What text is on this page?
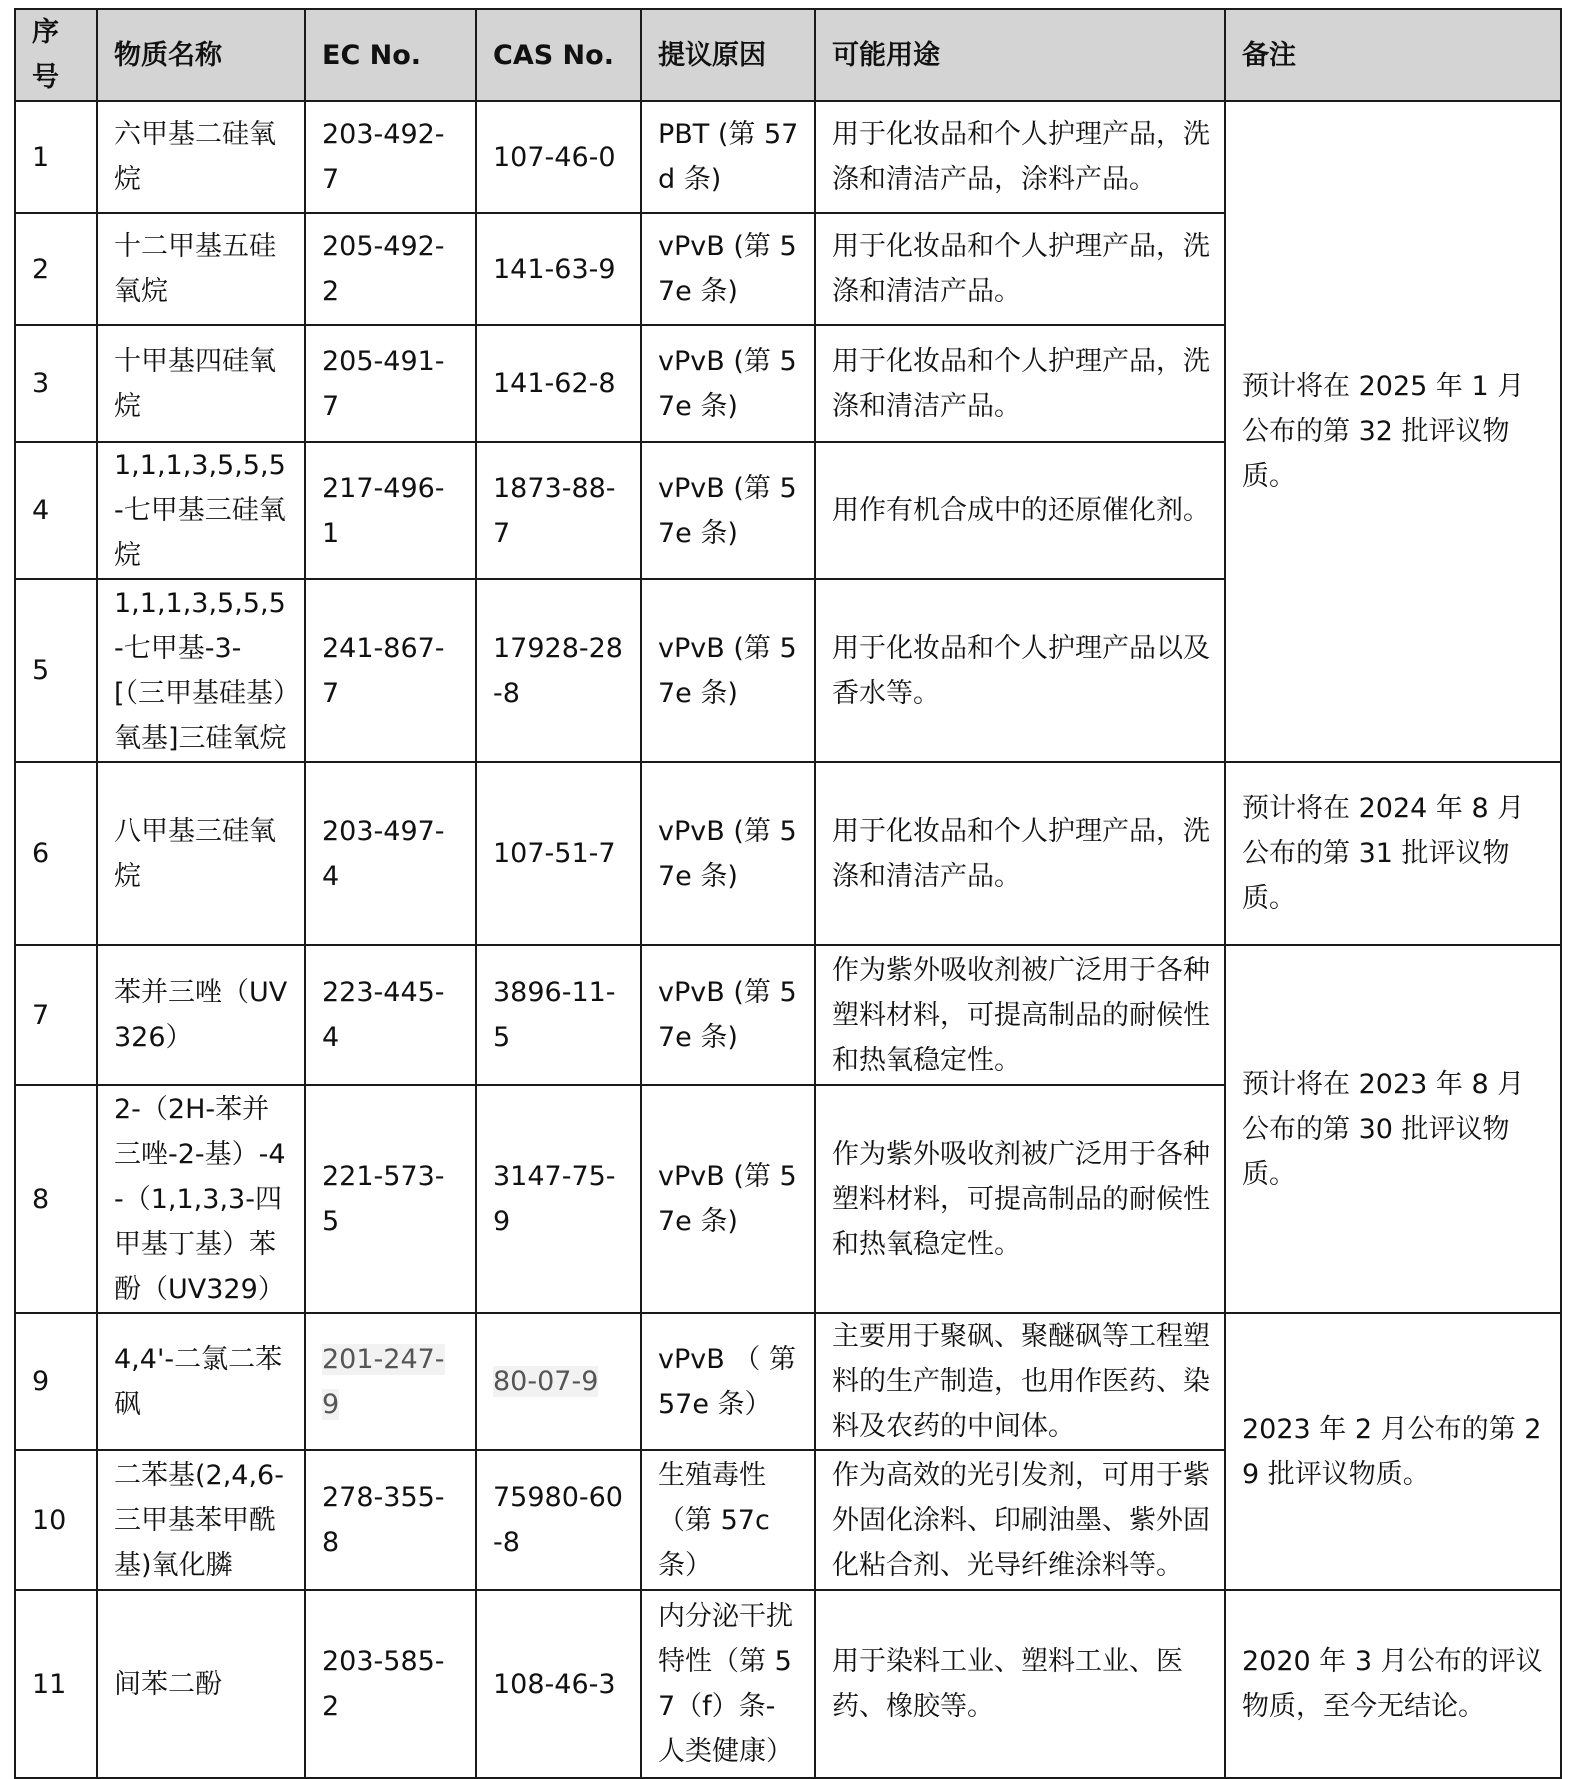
序号	物质名称	EC No.	CAS No.	提议原因	可能用途	备注
1	六甲基二硅氧烷	203-492-7	107-46-0	PBT (第 57d 条)	用于化妆品和个人护理产品，洗涤和清洁产品，涂料产品。	预计将在 2025 年 1 月公布的第 32 批评议物质。
2	十二甲基五硅氧烷	205-492-2	141-63-9	vPvB (第 57e 条)	用于化妆品和个人护理产品，洗涤和清洁产品。	
3	十甲基四硅氧烷	205-491-7	141-62-8	vPvB (第 57e 条)	用于化妆品和个人护理产品，洗涤和清洁产品。	
4	1,1,1,3,5,5,5-七甲基三硅氧烷	217-496-1	1873-88-7	vPvB (第 57e 条)	用作有机合成中的还原催化剂。	
5	1,1,1,3,5,5,5-七甲基-3-[（三甲基硅基）氧基]三硅氧烷	241-867-7	17928-28-8	vPvB (第 57e 条)	用于化妆品和个人护理产品以及香水等。	
6	八甲基三硅氧烷	203-497-4	107-51-7	vPvB (第 57e 条)	用于化妆品和个人护理产品，洗涤和清洁产品。	预计将在 2024 年 8 月公布的第 31 批评议物质。
7	苯并三唑（UV326）	223-445-4	3896-11-5	vPvB (第 57e 条)	作为紫外吸收剂被广泛用于各种塑料材料，可提高制品的耐候性和热氧稳定性。	预计将在 2023 年 8 月公布的第 30 批评议物质。
8	2-（2H-苯并三唑-2-基）-4-（1,1,3,3-四甲基丁基）苯酚（UV329）	221-573-5	3147-75-9	vPvB (第 57e 条)	作为紫外吸收剂被广泛用于各种塑料材料，可提高制品的耐候性和热氧稳定性。	
9	4,4'-二氯二苯砜	201-247-9	80-07-9	vPvB （ 第 57e 条）	主要用于聚砜、聚醚砜等工程塑料的生产制造，也用作医药、染料及农药的中间体。	2023 年 2 月公布的第 29 批评议物质。
10	二苯基(2,4,6-三甲基苯甲酰基)氧化膦	278-355-8	75980-60-8	生殖毒性（第 57c 条）	作为高效的光引发剂，可用于紫外固化涂料、印刷油墨、紫外固化粘合剂、光导纤维涂料等。	
11	间苯二酚	203-585-2	108-46-3	内分泌干扰特性（第 57（f）条-人类健康）	用于染料工业、塑料工业、医药、橡胶等。	2020 年 3 月公布的评议物质，至今无结论。
